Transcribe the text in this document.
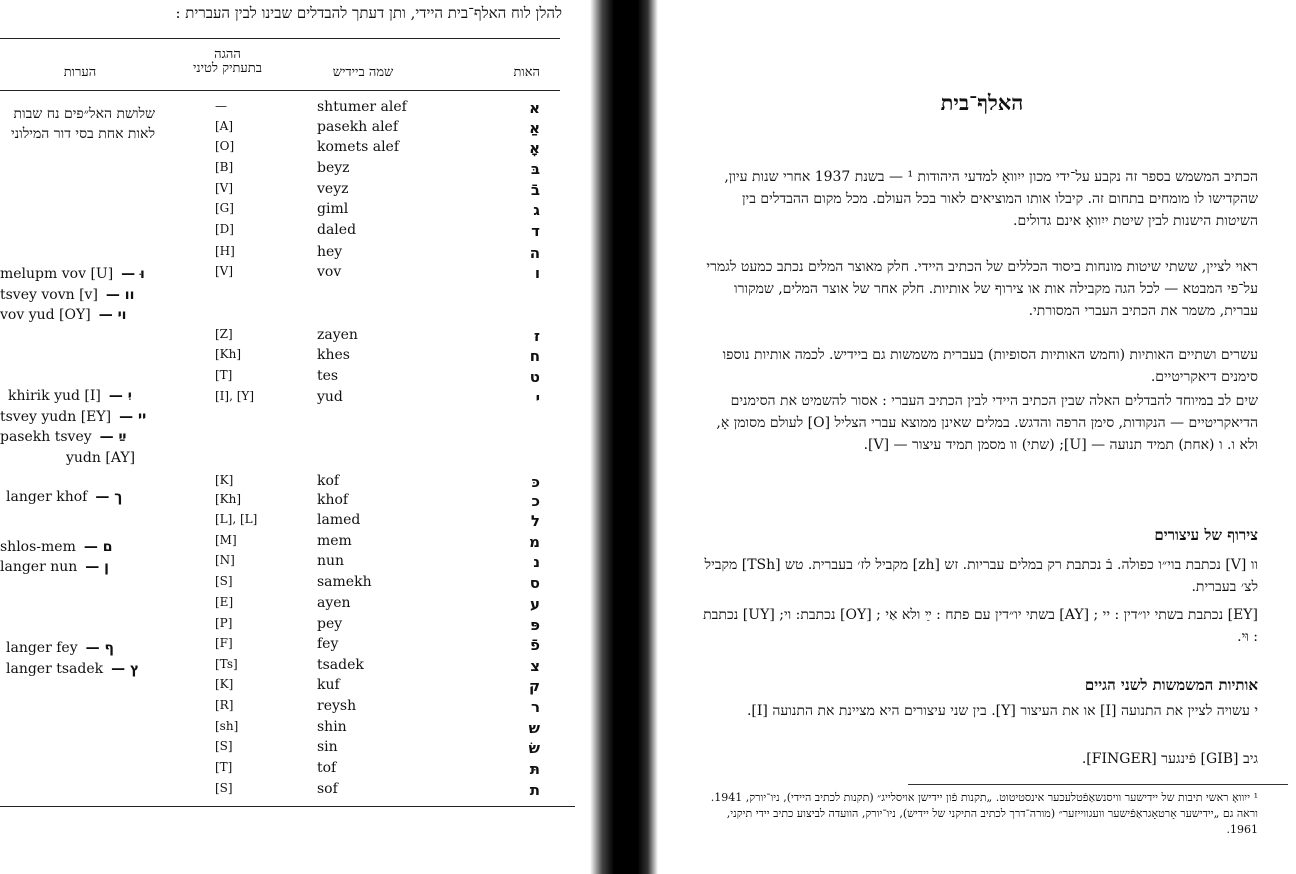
להלן לוח האלף־בית היידי, ותן דעתך להבדלים שבינו לבין העברית :
האות
שמה ביידיש
ההגה
בתעתיק לטיני
הערות
שלושת האל״פים נח שבות לאות אחת בסי דור המילוני
א
shtumer alef
—
אַ
pasekh alef
[A]
אָ
komets alef
[O]
בּ
beyz
[B]
בֿ
veyz
[V]
ג
giml
[G]
ד
daled
[D]
ה
hey
[H]
ו
vov
[V]
ז
zayen
[Z]
ח
khes
[Kh]
ט
tes
[T]
י
yud
[I], [Y]
כּ
kof
[K]
כ
khof
[Kh]
ל
lamed
[L], [L]
מ
mem
[M]
נ
nun
[N]
ס
samekh
[S]
ע
ayen
[E]
פּ
pey
[P]
פֿ
fey
[F]
צ
tsadek
[Ts]
ק
kuf
[K]
ר
reysh
[R]
ש
shin
[sh]
שׂ
sin
[S]
תּ
tof
[T]
ת
sof
[S]
melupm vov [U] — וּ
tsvey vovn [v] — וו
vov yud [OY] — וי
khirik yud [I] — יִ
tsvey yudn [EY] — יי
pasekh tsvey — ײַ
yudn [AY]
langer khof — ך
shlos-mem — ם
langer nun — ן
langer fey — ף
langer tsadek — ץ
האלף־בית
הכתיב המשמש בספר זה נקבע על־ידי מכון ייִוואָ למדעי היהודות ¹ — בשנת 1937 אחרי שנות עיון, שהקדישו לו מומחים בתחום זה. קיבלו אותו המוציאים לאור בכל העולם. מכל מקום ההבדלים בין השיטות הישנות לבין שיטת ייִוואָ אינם גדולים.
ראוי לציין, ששתי שיטות מונחות ביסוד הכללים של הכתיב היידי. חלק מאוצר המלים נכתב כמעט לגמרי על־פי המבטא — לכל הגה מקבילה אות או צירוף של אותיות. חלק אחר של אוצר המלים, שמקורו עברית, משמר את הכתיב העברי המסורתי.
עשרים ושתיים האותיות (וחמש האותיות הסופיות) בעברית משמשות גם ביידיש. לכמה אותיות נוספו סימנים דיאקריטיים.
שים לב במיוחד להבדלים האלה שבין הכתיב היידי לבין הכתיב העברי : אסור להשמיט את הסימנים הדיאקריטיים — הנקודות, סימן הרפה והדגש. במלים שאינן ממוצא עברי הצליל [O] לעולם מסומן אָ, ולא ו. ו (אחת) תמיד תנועה — [U]; (שתי) וו מסמן תמיד עיצור — [V].
צירוף של עיצורים
וו [V] נכתבת בוי״ו כפולה. בֿ נכתבת רק במלים עבריות. זש [zh] מקביל לז׳ בעברית. טש [TSh] מקביל לצ׳ בעברית.
[EY] נכתבת בשתי יו״דין : יי ; [AY] בשתי יו״דין עם פתח : ײַ ולא אַי ; [OY] נכתבת: וי; [UY] נכתבת : וּי.
אותיות המשמשות לשני הגיים
י עשויה לציין את התנועה [I] או את העיצור [Y]. בין שני עיצורים היא מציינת את התנועה [I].
גיב [GIB] פֿינגער [FINGER].
¹ ייִוואָ ראשי תיבות של יידישער וויסנשאַפֿטלעכער אינסטיטוט. „תקנות פֿון יידישן אויסלייג״ (תקנות לכתיב היידי), ניו־יורק, 1941. וראה גם „יידישער אָרטאָגראַפֿישער וועגווייזער״ (מורה־דרך לכתיב התיקני של יידיש), ניו־יורק, הוועדה לביצוע כתיב יידי תיקני, 1961.
